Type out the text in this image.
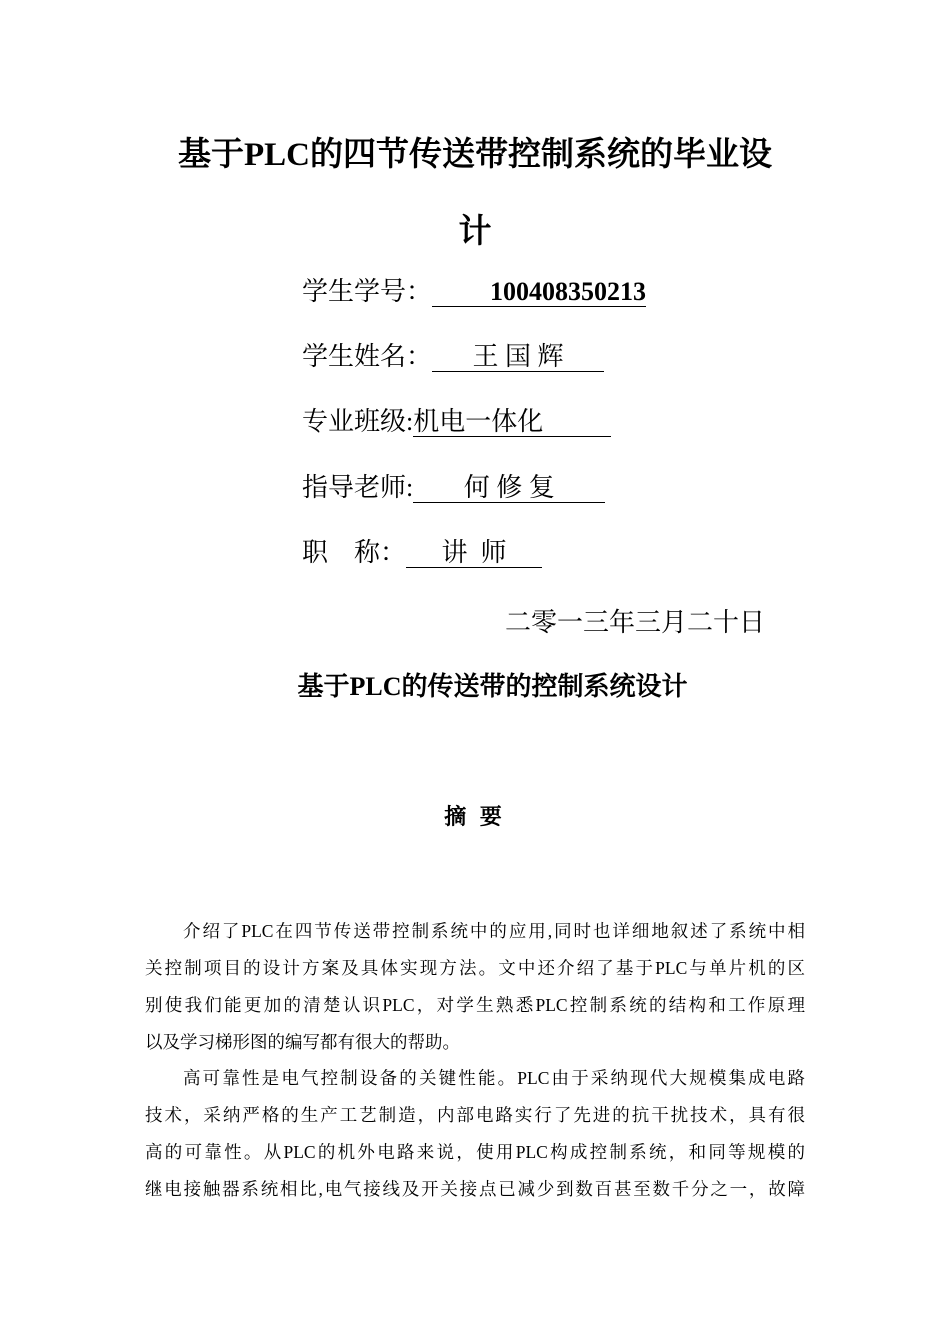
基于PLC的四节传送带控制系统的毕业设
计
学生学号： 100408350213
学生姓名： 王 国 辉
专业班级:机电一体化
指导老师: 何 修 复
职    称： 讲  师
二零一三年三月二十日
基于PLC的传送带的控制系统设计
摘 要
介绍了PLC在四节传送带控制系统中的应用,同时也详细地叙述了系统中相
关控制项目的设计方案及具体实现方法。文中还介绍了基于PLC与单片机的区
别使我们能更加的清楚认识PLC，对学生熟悉PLC控制系统的结构和工作原理
以及学习梯形图的编写都有很大的帮助。
高可靠性是电气控制设备的关键性能。PLC由于采纳现代大规模集成电路
技术，采纳严格的生产工艺制造，内部电路实行了先进的抗干扰技术，具有很
高的可靠性。从PLC的机外电路来说，使用PLC构成控制系统，和同等规模的
继电接触器系统相比,电气接线及开关接点已减少到数百甚至数千分之一，故障
